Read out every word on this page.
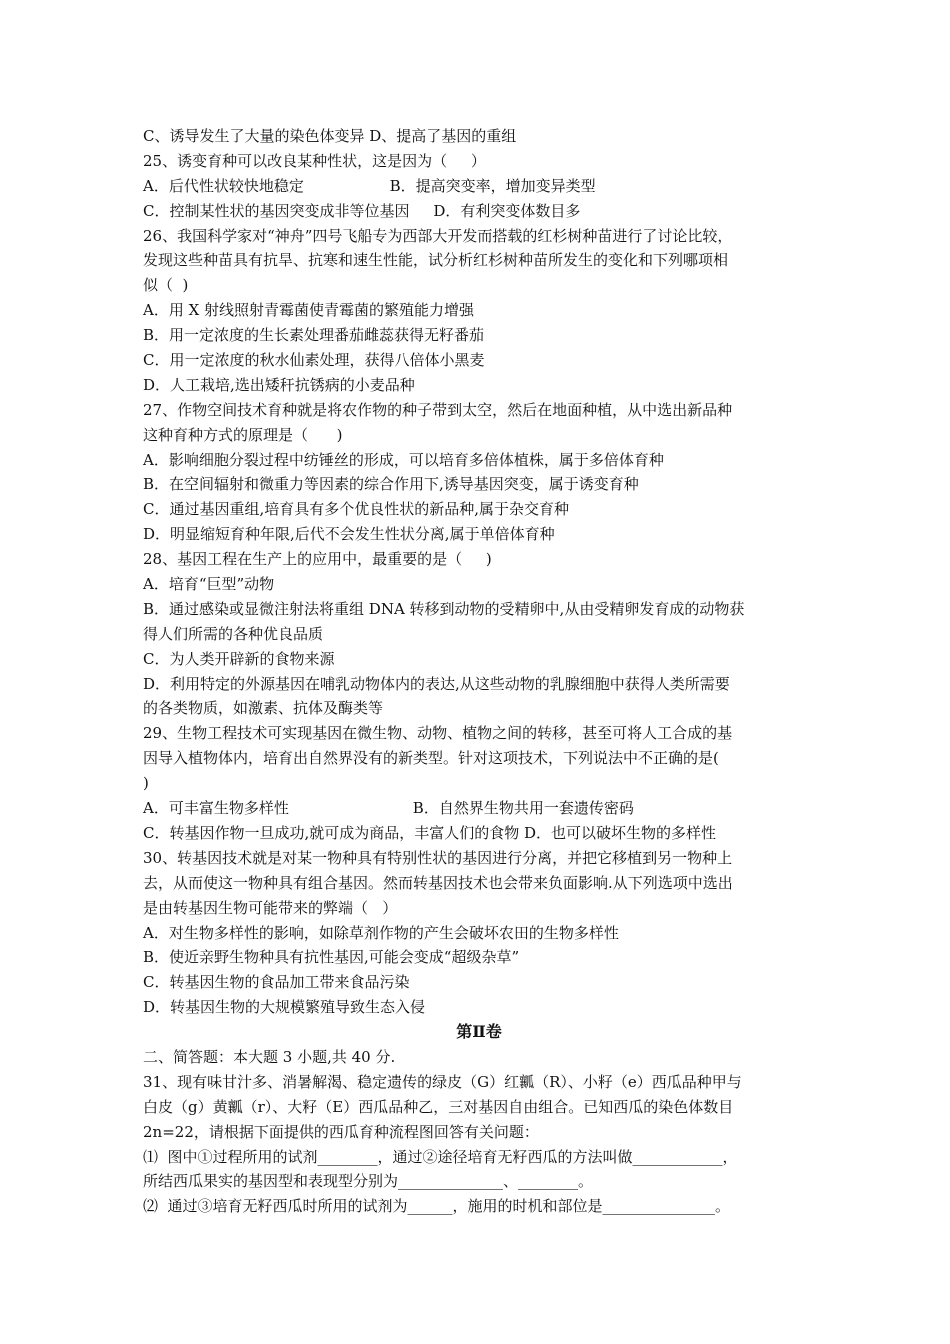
C、诱导发生了大量的染色体变异 D、提高了基因的重组
25、诱变育种可以改良某种性状，这是因为（     ）
A．后代性状较快地稳定                  B．提高突变率，增加变异类型
C．控制某性状的基因突变成非等位基因     D．有利突变体数目多
26、我国科学家对“神舟”四号飞船专为西部大开发而搭载的红杉树种苗进行了讨论比较，
发现这些种苗具有抗旱、抗寒和速生性能，试分析红杉树种苗所发生的变化和下列哪项相
似（  )
A．用 X 射线照射青霉菌使青霉菌的繁殖能力增强
B．用一定浓度的生长素处理番茄雌蕊获得无籽番茄
C．用一定浓度的秋水仙素处理，获得八倍体小黑麦
D．人工栽培,选出矮秆抗锈病的小麦品种
27、作物空间技术育种就是将农作物的种子带到太空，然后在地面种植，从中选出新品种
这种育种方式的原理是（      )
A．影响细胞分裂过程中纺锤丝的形成，可以培育多倍体植株，属于多倍体育种
B．在空间辐射和微重力等因素的综合作用下,诱导基因突变，属于诱变育种
C．通过基因重组,培育具有多个优良性状的新品种,属于杂交育种
D．明显缩短育种年限,后代不会发生性状分离,属于单倍体育种
28、基因工程在生产上的应用中，最重要的是（     )
A．培育“巨型”动物
B．通过感染或显微注射法将重组 DNA 转移到动物的受精卵中,从由受精卵发育成的动物获
得人们所需的各种优良品质
C．为人类开辟新的食物来源
D．利用特定的外源基因在哺乳动物体内的表达,从这些动物的乳腺细胞中获得人类所需要
的各类物质，如激素、抗体及酶类等
29、生物工程技术可实现基因在微生物、动物、植物之间的转移，甚至可将人工合成的基
因导入植物体内，培育出自然界没有的新类型。针对这项技术，下列说法中不正确的是(
)
A．可丰富生物多样性                          B．自然界生物共用一套遗传密码
C．转基因作物一旦成功,就可成为商品，丰富人们的食物 D．也可以破坏生物的多样性
30、转基因技术就是对某一物种具有特别性状的基因进行分离，并把它移植到另一物种上
去，从而使这一物种具有组合基因。然而转基因技术也会带来负面影响.从下列选项中选出
是由转基因生物可能带来的弊端（   ）
A．对生物多样性的影响，如除草剂作物的产生会破坏农田的生物多样性
B．使近亲野生物种具有抗性基因,可能会变成“超级杂草”
C．转基因生物的食品加工带来食品污染
D．转基因生物的大规模繁殖导致生态入侵
第Ⅱ卷
二、简答题：本大题 3 小题,共 40 分.
31、现有味甘汁多、消暑解渴、稳定遗传的绿皮（G）红瓤（R）、小籽（e）西瓜品种甲与
白皮（g）黄瓤（r）、大籽（E）西瓜品种乙，三对基因自由组合。已知西瓜的染色体数目
2n=22，请根据下面提供的西瓜育种流程图回答有关问题：
⑴  图中①过程所用的试剂________，通过②途径培育无籽西瓜的方法叫做____________，
所结西瓜果实的基因型和表现型分别为______________、________。
⑵  通过③培育无籽西瓜时所用的试剂为______，施用的时机和部位是_______________。
